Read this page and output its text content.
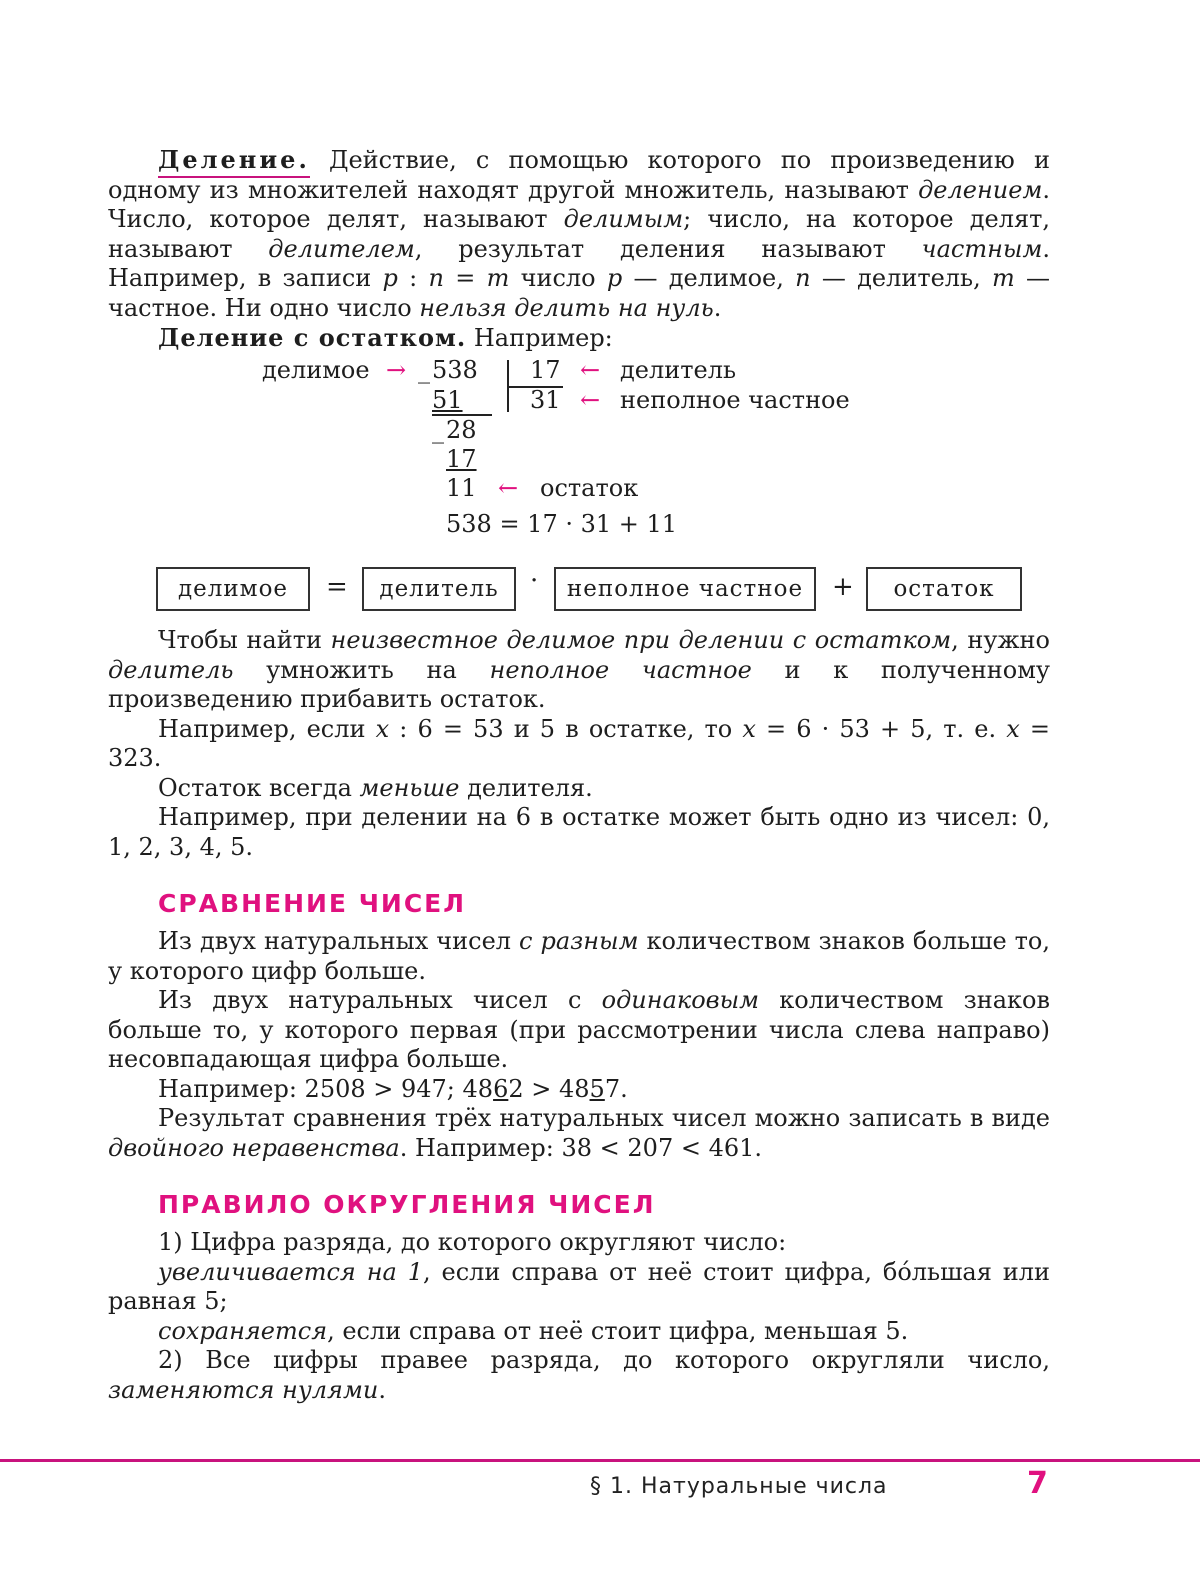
Деление. Действие, с помощью которого по произведению и одному из множителей находят другой множитель, называют делением. Число, которое делят, называют делимым; число, на которое делят, называют делителем, результат деления называют частным. Например, в записи p : n = m число p — делимое, n — делитель, m — частное. Ни одно число нельзя делить на нуль.

Деление с остатком. Например:

делимое → _ 538 17 ← делитель
51	31 ← неполное частное
_ 28
17
11 ← остаток
538 = 17 · 31 + 11
делимое	=	делитель	·	неполное частное	+	остаток

Чтобы найти неизвестное делимое при делении с остатком, нужно делитель умножить на неполное частное и к полученному произведению прибавить остаток.

Например, если x : 6 = 53 и 5 в остатке, то x = 6 · 53 + 5, т. е. x = 323.

Остаток всегда меньше делителя.

Например, при делении на 6 в остатке может быть одно из чисел: 0, 1, 2, 3, 4, 5.

СРАВНЕНИЕ ЧИСЕЛ

Из двух натуральных чисел с разным количеством знаков больше то, у которого цифр больше.

Из двух натуральных чисел с одинаковым количеством знаков больше то, у которого первая (при рассмотрении числа слева направо) несовпадающая цифра больше.

Например: 2508 > 947; 4862 > 4857.

Результат сравнения трёх натуральных чисел можно записать в виде двойного неравенства. Например: 38 < 207 < 461.

ПРАВИЛО ОКРУГЛЕНИЯ ЧИСЕЛ

1) Цифра разряда, до которого округляют число:

увеличивается на 1, если справа от неё стоит цифра, бóльшая или равная 5;

сохраняется, если справа от неё стоит цифра, меньшая 5.

2) Все цифры правее разряда, до которого округляли число, заменяются нулями.

§ 1. Натуральные числа	7
